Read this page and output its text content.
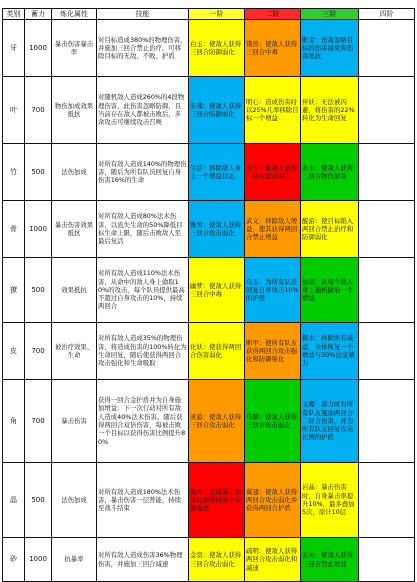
类别	蓄力	炼化属性	技能	一阶	二阶	三阶	四阶
牙	1000	暴击伤害暴击率	对目标造成380%的物理伤害，并施加三回合禁止治疗，可移除目标的无敌、不败、护盾	白玉：使敌人获得三回合防御弱化	饿兽：使敌人获得三回合中毒	断金：伤害忽略目标的伤害减免和伤害抵抗	
叶	700	物伤加成效果抵抗	对随机敌人造成260%的4段物理伤害，此伤害忽略防御，且当前存在敌人都被击败后，多余攻击可继续攻击召唤	安魂：使敌人获得三回合防御弱化	明心：造成伤害时以25%几率移除目标一个增益	伴妖：无法被闪避，将伤害的22%转化为生命回复	
竹	500	法伤加成	对所有敌人造成140%的物理伤害，随后为所有队员回复自身伤害16%的生命	生活：移除敌人身上一个增益状态	大宋：使敌人获得三回合攻击弱化	玄水：使敌人获得三回合物伤加深	
骨	1000	暴击伤害效果抵抗	对所有敌人造成80%法术伤害，以流失生命的50%降低目标生命上限，随后击败敌人至最后复活	雅男：使敌人获得三回合攻击弱化	武义：移除敌人增益，使其获得两回合禁止增益	醒游：使目标陷入两回合禁止治疗和防御弱化	
獠	500	效果抵抗	对所有敌人造成110%法术伤害，从命中的敌人身上偷取10%的攻击，每个队员提供最高不超过自身攻击的10%，持续两回合	幽梦：使敌人获得三回合中毒	乌玉：为所有队员回复自身攻击10%的护盾	仙羽：从每个敌人身上随机偷取一个增益	
皮	700	被治疗效果、生命	对所有敌人造成35%的物理伤害，将造成伤害的100%转化为生命回复，随后使获得两回合攻击强化和生命吸取	化妖：使获得两回合伤害弱化	断甲：使所有队友获得两回合攻击强化和防御强化	据水：移除所有减益，全体恢复一个增益与30%法宝蓄力	
角	700	暴击伤害	获得一回合金护盾并为自身施加增益：下一次行动对所有敌人造成40%法术伤害。随后获得两回合双倍伤害，每被击败一个目标以获得伤害比例提升80%	灵悬：使敌人获得三回合攻击弱化	乌鹅：使敌人获得三回合攻击弱化	玉魔：蓄力时对所有队友施加两回合二回合伤害，并为所有队友回复攻击比例的护盾	
晶	500	法伤加成	对所有敌人造成180%法术伤害，暴击伤害一层普能，持续至战斗结束	海角：造成暴击伤害时获得两回合防御强化	翼翅：使敌人获得两回合攻击弱化并获得两回合护盾	岩晶：暴击伤害时，自身暴击率提升10%，最多叠加5次，原计10层	
砂	1000	抗暴率	对所有敌人造成伤害36%物理伤害，并施加三回合减速	金羽：使敌人获得三回合攻击弱化	疏明：使敌人获得两回合攻击弱化和减速	玄岩：使敌人获得三回合禁止增益	
